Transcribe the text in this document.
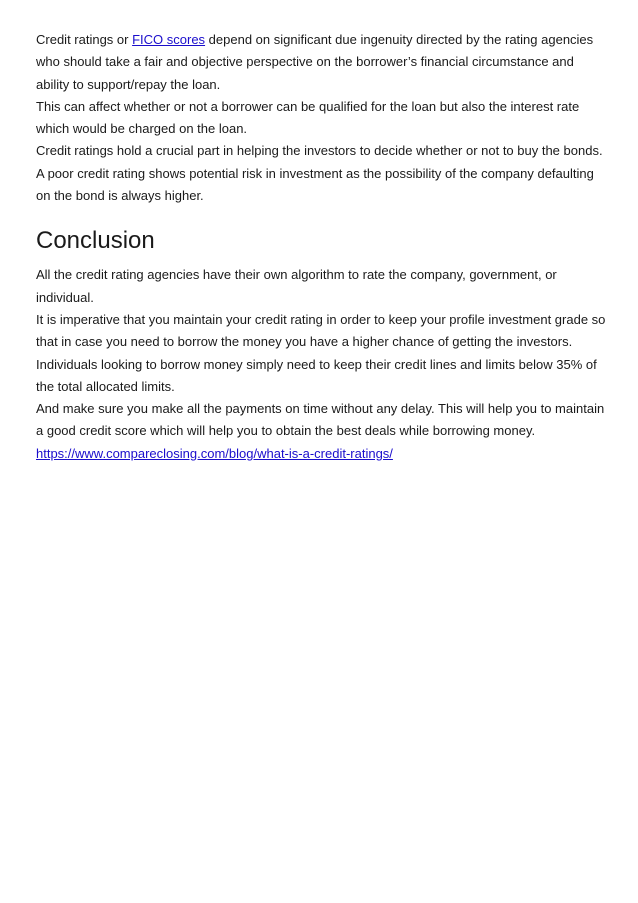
Credit ratings or FICO scores depend on significant due ingenuity directed by the rating agencies who should take a fair and objective perspective on the borrower’s financial circumstance and ability to support/repay the loan.

This can affect whether or not a borrower can be qualified for the loan but also the interest rate which would be charged on the loan.

Credit ratings hold a crucial part in helping the investors to decide whether or not to buy the bonds. A poor credit rating shows potential risk in investment as the possibility of the company defaulting on the bond is always higher.

Conclusion

All the credit rating agencies have their own algorithm to rate the company, government, or individual.

It is imperative that you maintain your credit rating in order to keep your profile investment grade so that in case you need to borrow the money you have a higher chance of getting the investors.

Individuals looking to borrow money simply need to keep their credit lines and limits below 35% of the total allocated limits.

And make sure you make all the payments on time without any delay. This will help you to maintain a good credit score which will help you to obtain the best deals while borrowing money.

https://www.compareclosing.com/blog/what-is-a-credit-ratings/
